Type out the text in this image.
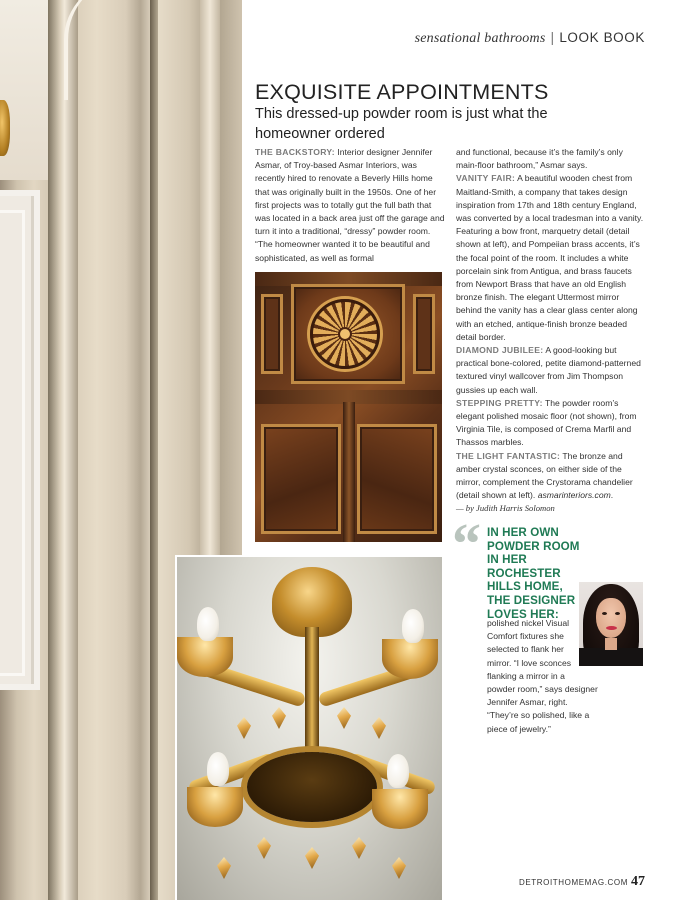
sensational bathrooms | LOOK BOOK
EXQUISITE APPOINTMENTS
This dressed-up powder room is just what the homeowner ordered

THE BACKSTORY: Interior designer Jennifer Asmar, of Troy-based Asmar Interiors, was recently hired to renovate a Beverly Hills home that was originally built in the 1950s. One of her first projects was to totally gut the full bath that was located in a back area just off the garage and turn it into a traditional, “dressy” powder room. “The homeowner wanted it to be beautiful and sophisticated, as well as formal

and functional, because it’s the family’s only main-floor bathroom,” Asmar says.

VANITY FAIR: A beautiful wooden chest from Maitland-Smith, a company that takes design inspiration from 17th and 18th century England, was converted by a local tradesman into a vanity. Featuring a bow front, marquetry detail (detail shown at left), and Pompeiian brass accents, it’s the focal point of the room. It includes a white porcelain sink from Antigua, and brass faucets from Newport Brass that have an old English bronze finish. The elegant Uttermost mirror behind the vanity has a clear glass center along with an etched, antique-finish bronze beaded detail border.

DIAMOND JUBILEE: A good-looking but practical bone-colored, petite diamond-patterned textured vinyl wallcover from Jim Thompson gussies up each wall.

STEPPING PRETTY: The powder room’s elegant polished mosaic floor (not shown), from Virginia Tile, is composed of Crema Marfil and Thassos marbles.

THE LIGHT FANTASTIC: The bronze and amber crystal sconces, on either side of the mirror, complement the Crystorama chandelier (detail shown at left). asmarinteriors.com.

— by Judith Harris Solomon

“ IN HER OWN
POWDER ROOM
IN HER
ROCHESTER
HILLS HOME,
THE DESIGNER
LOVES HER:
polished nickel Visual
Comfort fixtures she
selected to flank her
mirror. “I love sconces
flanking a mirror in a
powder room,” says designer
Jennifer Asmar, right.
“They’re so polished, like a
piece of jewelry.”
DETROITHOMEMAG.COM 47
